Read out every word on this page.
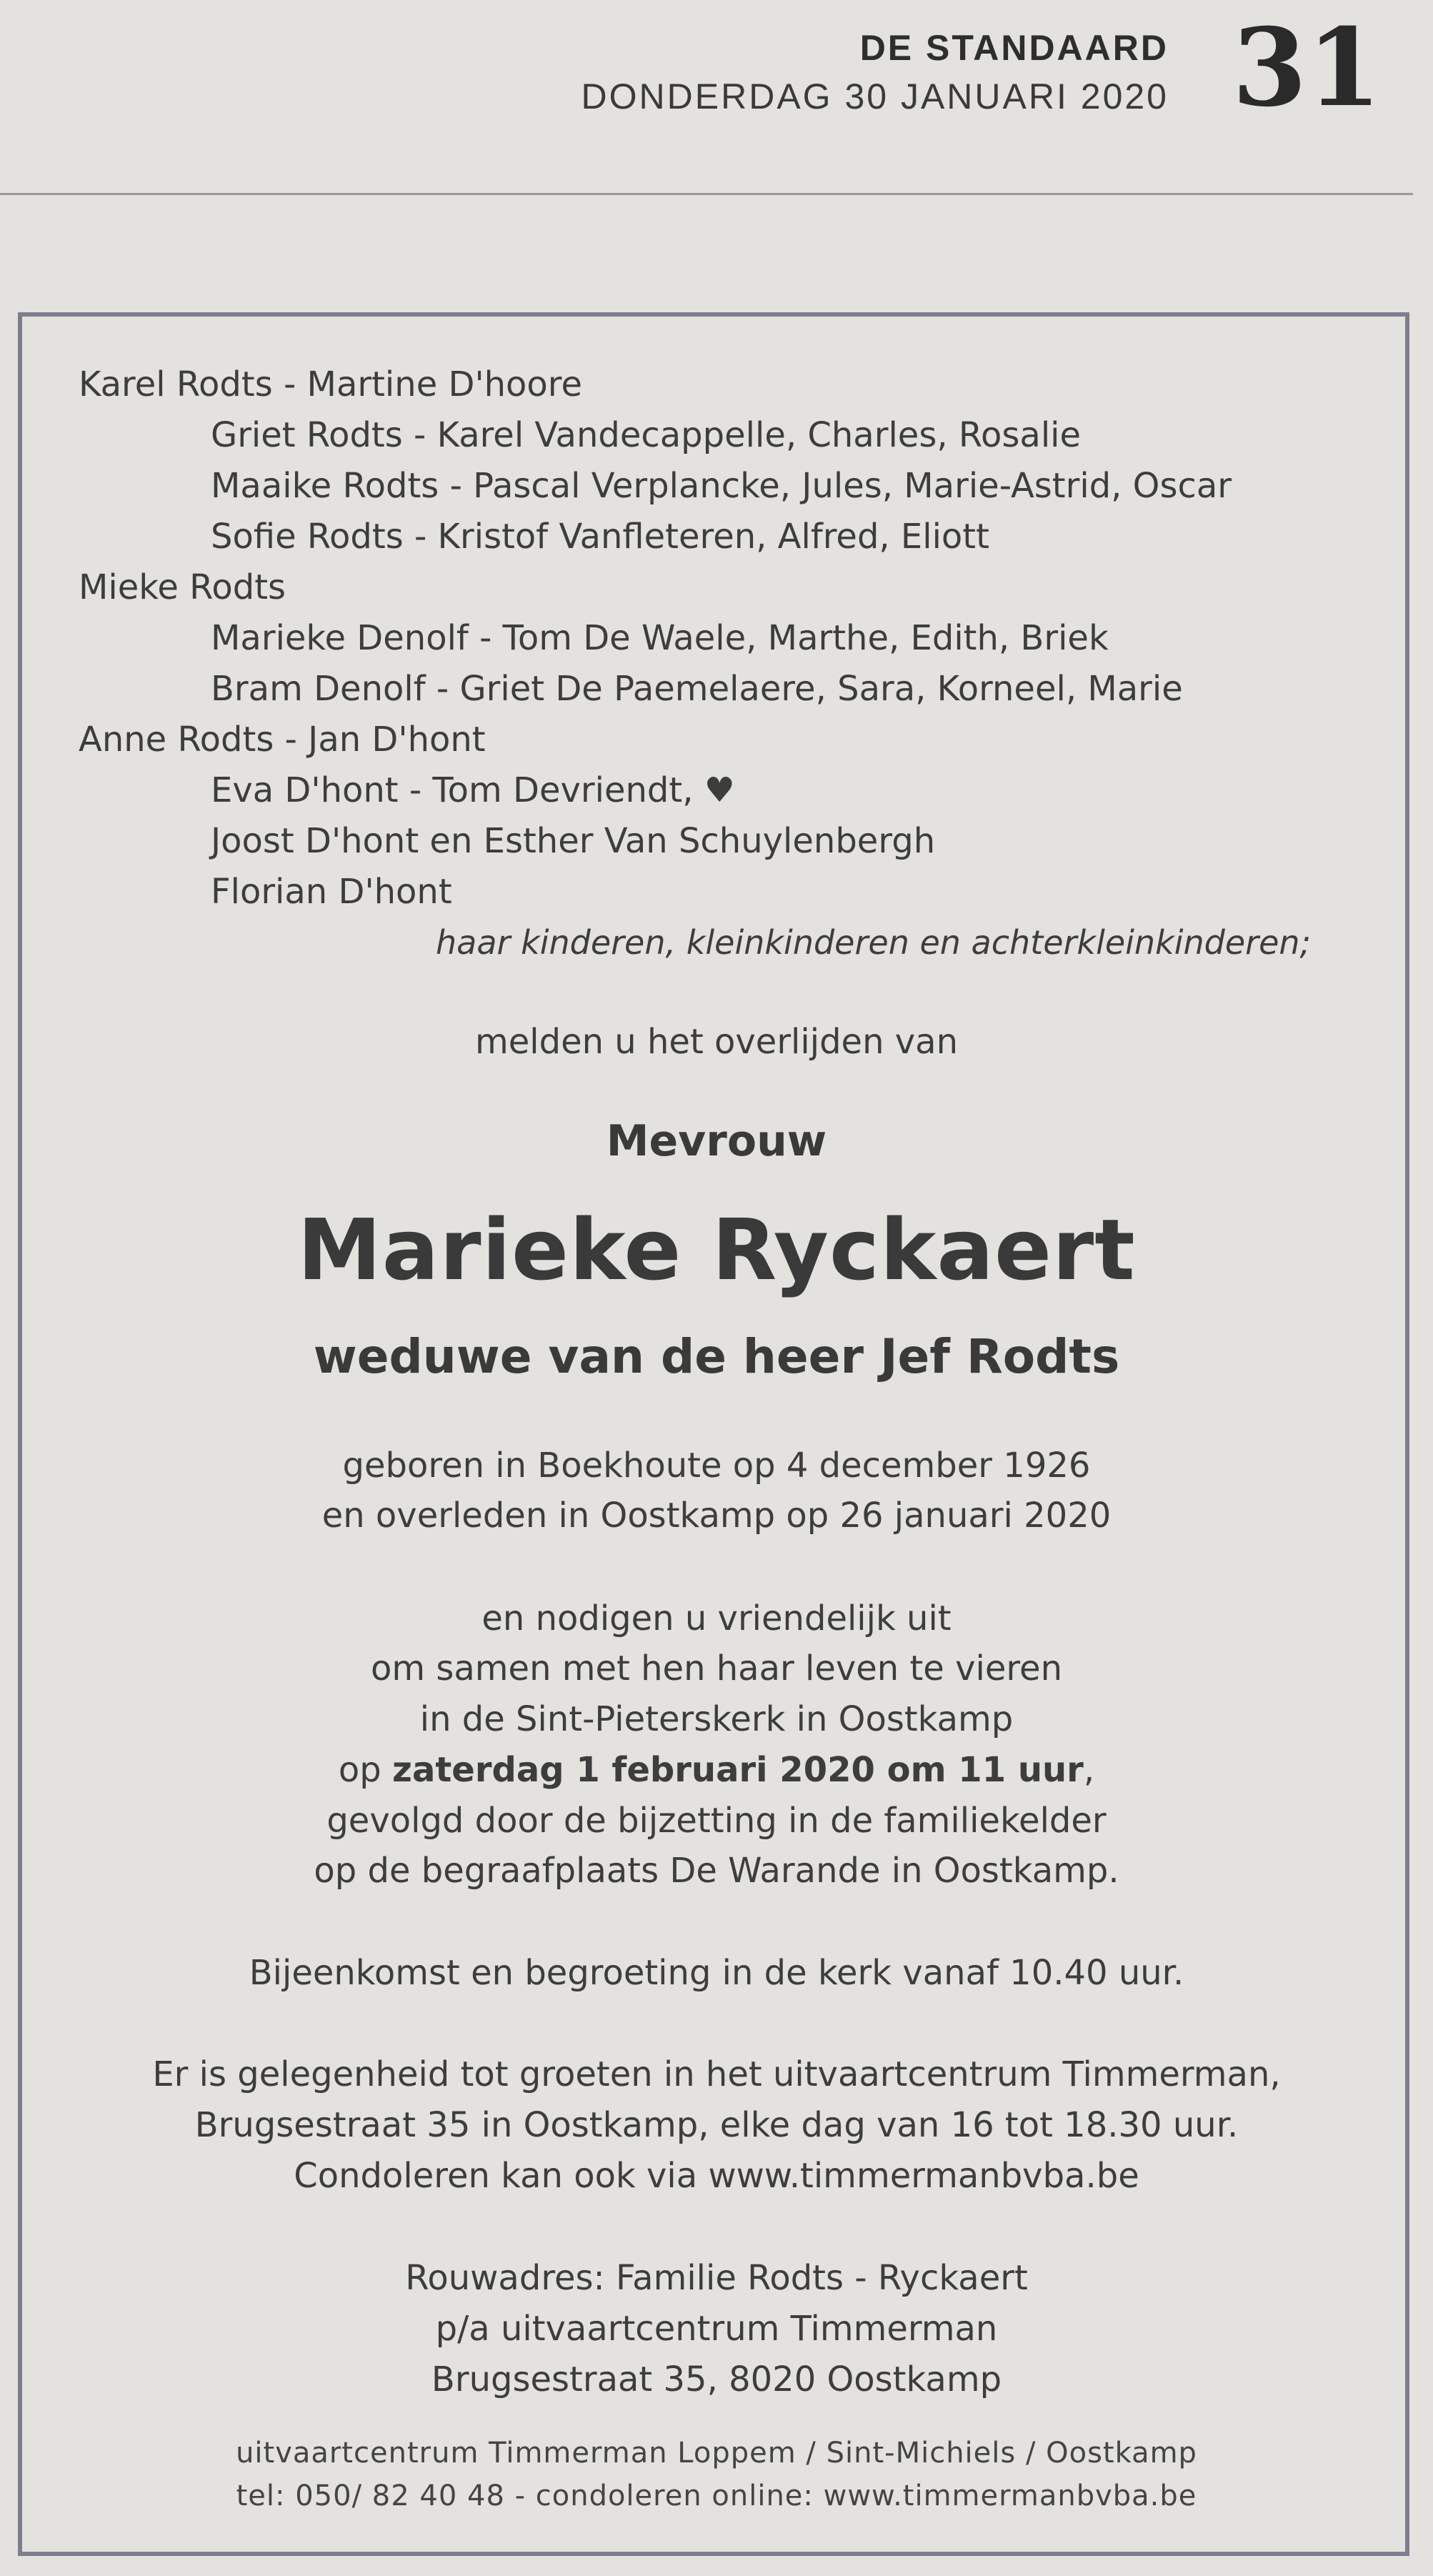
DE STANDAARD
DONDERDAG 30 JANUARI 2020 31
Karel Rodts - Martine D'hoore
Griet Rodts - Karel Vandecappelle, Charles, Rosalie
Maaike Rodts - Pascal Verplancke, Jules, Marie-Astrid, Oscar
Sofie Rodts - Kristof Vanfleteren, Alfred, Eliott
Mieke Rodts
Marieke Denolf - Tom De Waele, Marthe, Edith, Briek
Bram Denolf - Griet De Paemelaere, Sara, Korneel, Marie
Anne Rodts - Jan D'hont
Eva D'hont - Tom Devriendt, ♥
Joost D'hont en Esther Van Schuylenbergh
Florian D'hont
haar kinderen, kleinkinderen en achterkleinkinderen;
melden u het overlijden van
Mevrouw
Marieke Ryckaert
weduwe van de heer Jef Rodts
geboren in Boekhoute op 4 december 1926
en overleden in Oostkamp op 26 januari 2020
en nodigen u vriendelijk uit
om samen met hen haar leven te vieren
in de Sint-Pieterskerk in Oostkamp
op zaterdag 1 februari 2020 om 11 uur,
gevolgd door de bijzetting in de familiekelder
op de begraafplaats De Warande in Oostkamp.
Bijeenkomst en begroeting in de kerk vanaf 10.40 uur.
Er is gelegenheid tot groeten in het uitvaartcentrum Timmerman,
Brugsestraat 35 in Oostkamp, elke dag van 16 tot 18.30 uur.
Condoleren kan ook via www.timmermanbvba.be
Rouwadres: Familie Rodts - Ryckaert
p/a uitvaartcentrum Timmerman
Brugsestraat 35, 8020 Oostkamp
uitvaartcentrum Timmerman Loppem / Sint-Michiels / Oostkamp
tel: 050/ 82 40 48 - condoleren online: www.timmermanbvba.be
